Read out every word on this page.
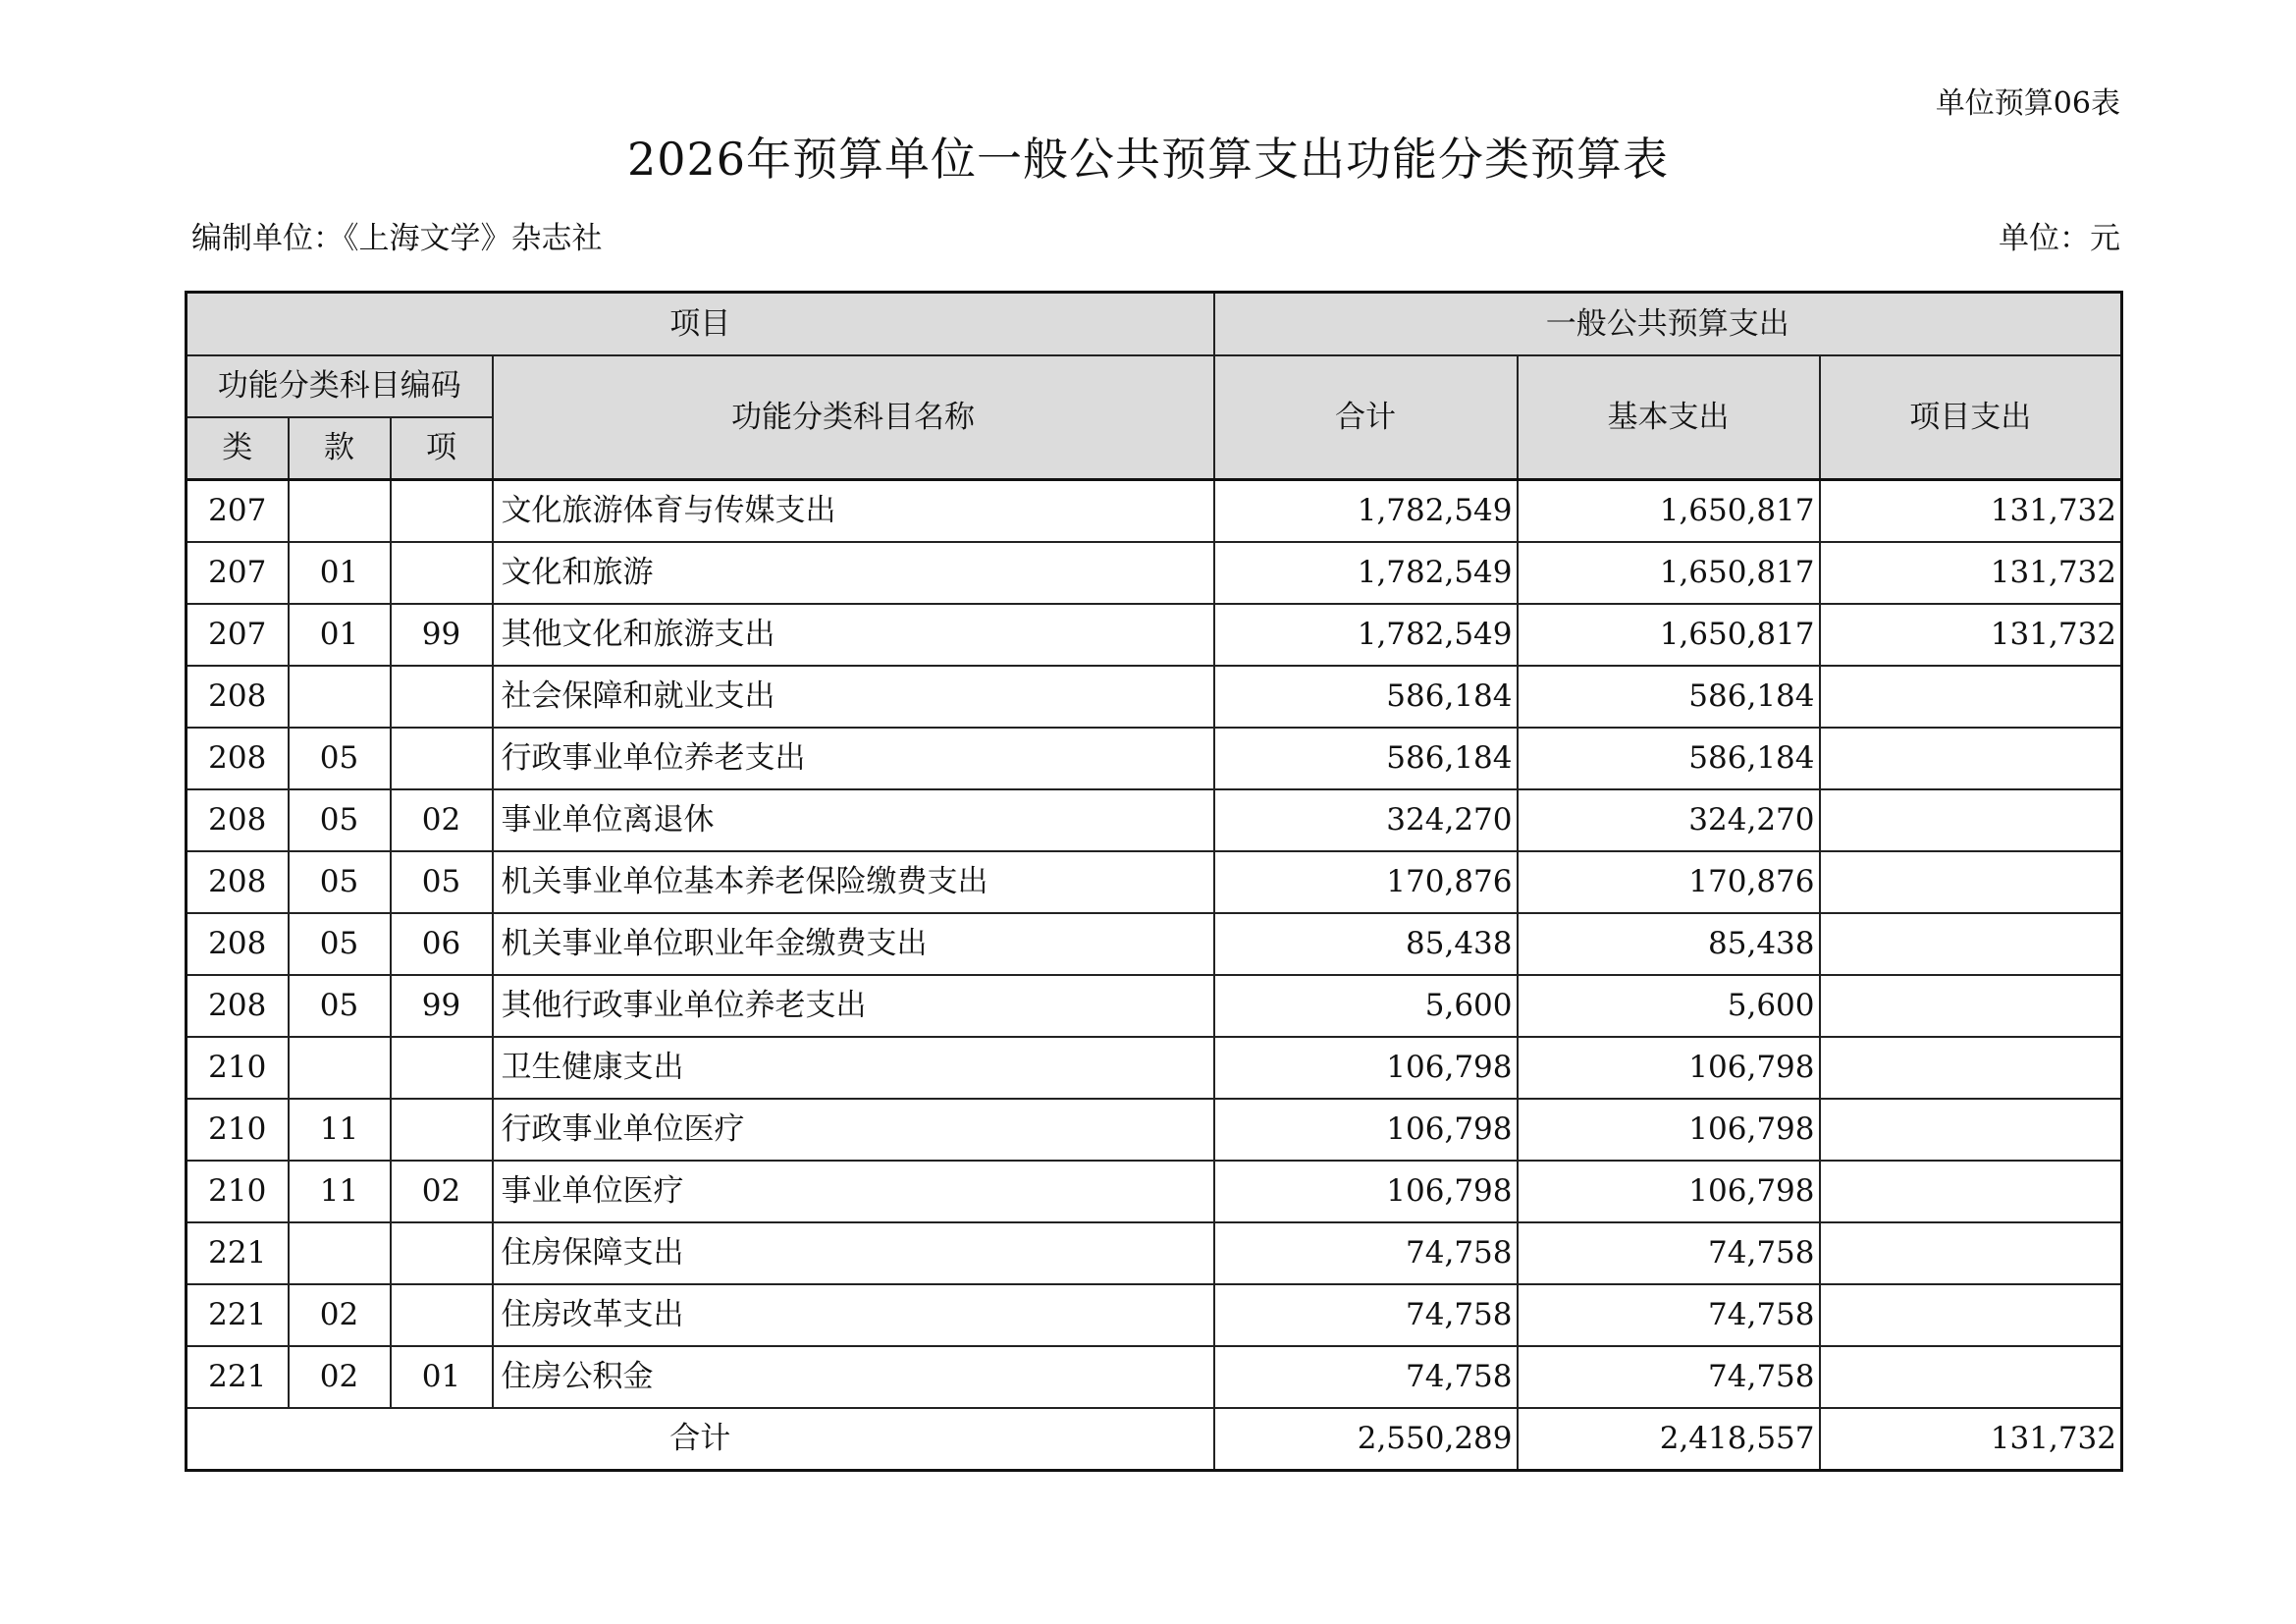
单位预算06表
2026年预算单位一般公共预算支出功能分类预算表
编制单位：《上海文学》杂志社	单位：元
项目				一般公共预算支出		
功能分类科目编码			功能分类科目名称	合计	基本支出	项目支出
类	款	项				
207			文化旅游体育与传媒支出	1,782,549	1,650,817	131,732
207	01		文化和旅游	1,782,549	1,650,817	131,732
207	01	99	其他文化和旅游支出	1,782,549	1,650,817	131,732
208			社会保障和就业支出	586,184	586,184	
208	05		行政事业单位养老支出	586,184	586,184	
208	05	02	事业单位离退休	324,270	324,270	
208	05	05	机关事业单位基本养老保险缴费支出	170,876	170,876	
208	05	06	机关事业单位职业年金缴费支出	85,438	85,438	
208	05	99	其他行政事业单位养老支出	5,600	5,600	
210			卫生健康支出	106,798	106,798	
210	11		行政事业单位医疗	106,798	106,798	
210	11	02	事业单位医疗	106,798	106,798	
221			住房保障支出	74,758	74,758	
221	02		住房改革支出	74,758	74,758	
221	02	01	住房公积金	74,758	74,758	
合计				2,550,289	2,418,557	131,732
